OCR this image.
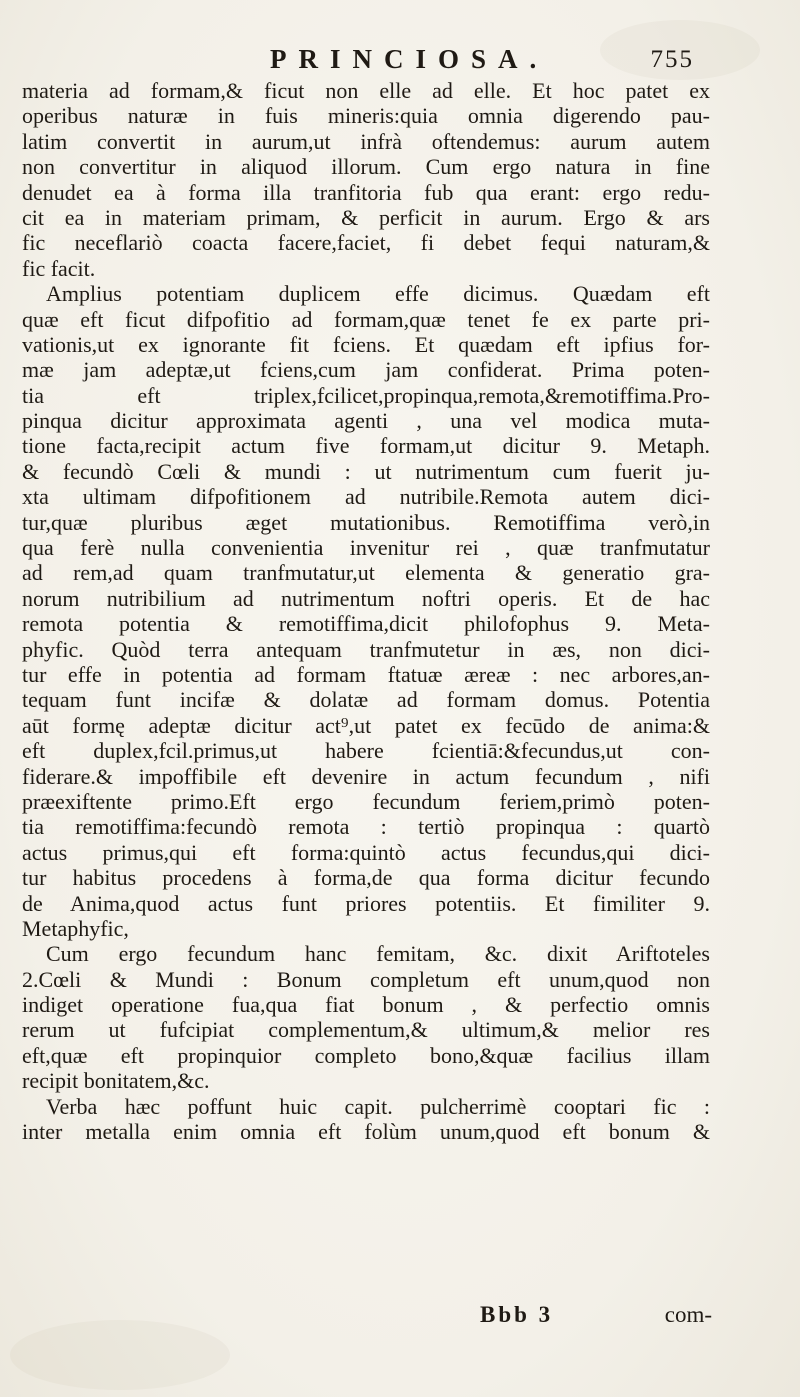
PRINCIOSA.	755
materia ad formam,& ficut non elle ad elle. Et hoc patet ex
operibus naturæ in fuis mineris:quia omnia digerendo pau-
latim convertit in aurum,ut infrà oftendemus: aurum autem
non convertitur in aliquod illorum. Cum ergo natura in fine
denudet ea à forma illa tranfitoria fub qua erant: ergo redu-
cit ea in materiam primam, & perficit in aurum. Ergo & ars
fic neceflariò coacta facere,faciet, fi debet fequi naturam,&
fic facit.
Amplius potentiam duplicem effe dicimus. Quædam eft
quæ eft ficut difpofitio ad formam,quæ tenet fe ex parte pri-
vationis,ut ex ignorante fit fciens. Et quædam eft ipfius for-
mæ jam adeptæ,ut fciens,cum jam confiderat. Prima poten-
tia eft triplex,fcilicet,propinqua,remota,&remotiffima.Pro-
pinqua dicitur approximata agenti , una vel modica muta-
tione facta,recipit actum five formam,ut dicitur 9. Metaph.
& fecundò Cœli & mundi : ut nutrimentum cum fuerit ju-
xta ultimam difpofitionem ad nutribile.Remota autem dici-
tur,quæ pluribus æget mutationibus. Remotiffima verò,in
qua ferè nulla convenientia invenitur rei , quæ tranfmutatur
ad rem,ad quam tranfmutatur,ut elementa & generatio gra-
norum nutribilium ad nutrimentum noftri operis. Et de hac
remota potentia & remotiffima,dicit philofophus 9. Meta-
phyfic. Quòd terra antequam tranfmutetur in æs, non dici-
tur effe in potentia ad formam ftatuæ æreæ : nec arbores,an-
tequam funt incifæ & dolatæ ad formam domus. Potentia
aūt formę adeptæ dicitur act⁹,ut patet ex fecūdo de anima:&
eft duplex,fcil.primus,ut habere fcientiā:&fecundus,ut con-
fiderare.& impoffibile eft devenire in actum fecundum , nifi
præexiftente primo.Eft ergo fecundum feriem,primò poten-
tia remotiffima:fecundò remota : tertiò propinqua : quartò
actus primus,qui eft forma:quintò actus fecundus,qui dici-
tur habitus procedens à forma,de qua forma dicitur fecundo
de Anima,quod actus funt priores potentiis. Et fimiliter 9.
Metaphyfic,
Cum ergo fecundum hanc femitam, &c. dixit Ariftoteles
2.Cœli & Mundi : Bonum completum eft unum,quod non
indiget operatione fua,qua fiat bonum , & perfectio omnis
rerum ut fufcipiat complementum,& ultimum,& melior res
eft,quæ eft propinquior completo bono,&quæ facilius illam
recipit bonitatem,&c.
Verba hæc poffunt huic capit. pulcherrimè cooptari fic :
inter metalla enim omnia eft folùm unum,quod eft bonum &
Bbb 3	com-
